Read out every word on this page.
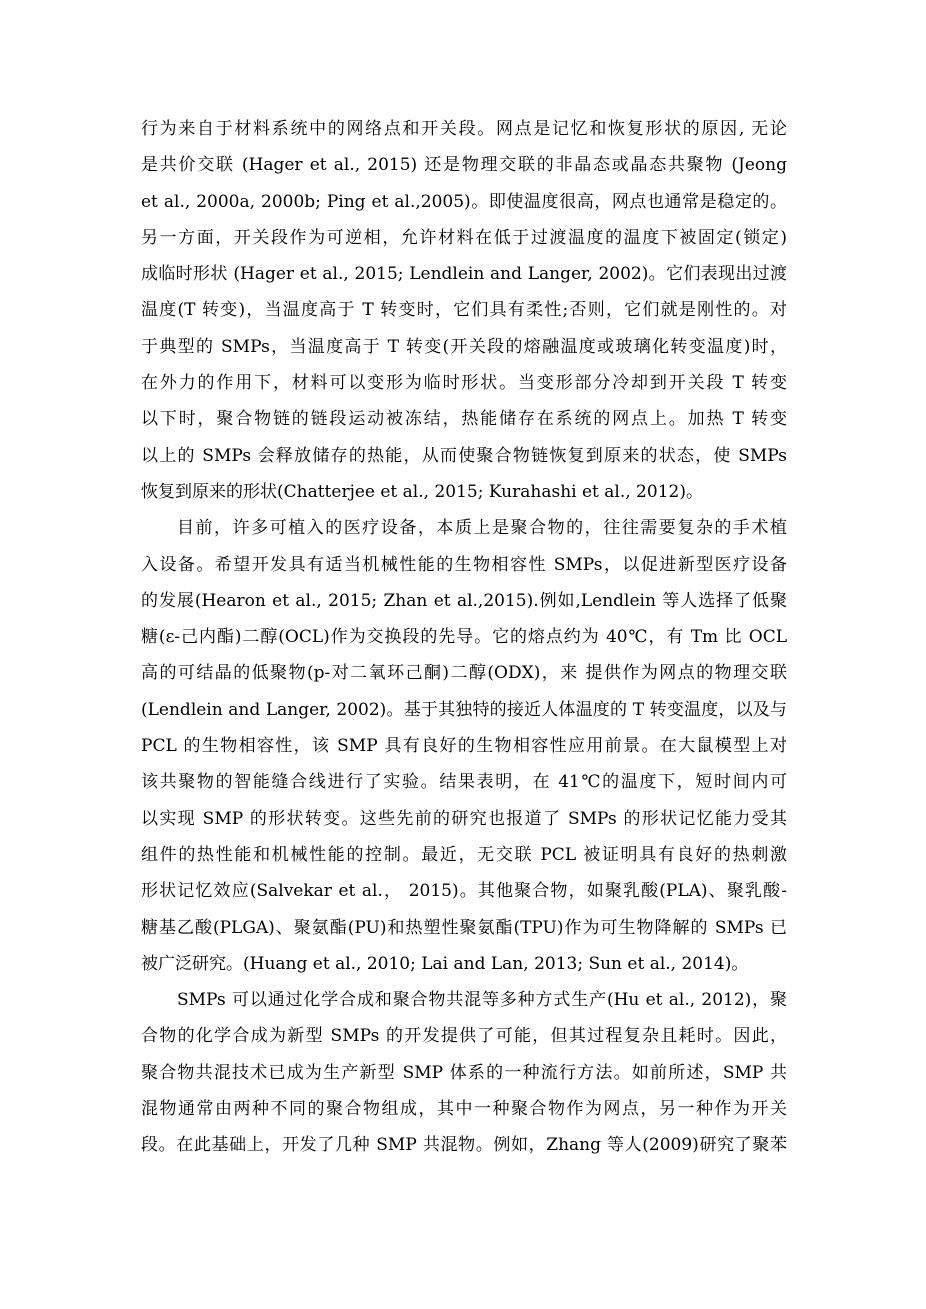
行为来自于材料系统中的网络点和开关段。网点是记忆和恢复形状的原因, 无论
是共价交联 (Hager et al., 2015) 还是物理交联的非晶态或晶态共聚物 (Jeong
et al., 2000a, 2000b; Ping et al.,2005)。即使温度很高，网点也通常是稳定的。
另一方面，开关段作为可逆相，允许材料在低于过渡温度的温度下被固定(锁定)
成临时形状 (Hager et al., 2015; Lendlein and Langer, 2002)。它们表现出过渡
温度(T 转变)，当温度高于 T 转变时，它们具有柔性;否则，它们就是刚性的。对
于典型的 SMPs，当温度高于 T 转变(开关段的熔融温度或玻璃化转变温度)时，
在外力的作用下，材料可以变形为临时形状。当变形部分冷却到开关段 T 转变
以下时，聚合物链的链段运动被冻结，热能储存在系统的网点上。加热 T 转变
以上的 SMPs 会释放储存的热能，从而使聚合物链恢复到原来的状态，使 SMPs
恢复到原来的形状(Chatterjee et al., 2015; Kurahashi et al., 2012)。
目前，许多可植入的医疗设备，本质上是聚合物的，往往需要复杂的手术植
入设备。希望开发具有适当机械性能的生物相容性 SMPs，以促进新型医疗设备
的发展(Hearon et al., 2015; Zhan et al.,2015).例如,Lendlein 等人选择了低聚
糖(ε-己内酯)二醇(OCL)作为交换段的先导。它的熔点约为 40℃，有 Tm 比 OCL
高的可结晶的低聚物(p-对二氧环己酮)二醇(ODX)，来 提供作为网点的物理交联
(Lendlein and Langer, 2002)。基于其独特的接近人体温度的 T 转变温度，以及与
PCL 的生物相容性，该 SMP 具有良好的生物相容性应用前景。在大鼠模型上对
该共聚物的智能缝合线进行了实验。结果表明，在 41℃的温度下，短时间内可
以实现 SMP 的形状转变。这些先前的研究也报道了 SMPs 的形状记忆能力受其
组件的热性能和机械性能的控制。最近，无交联 PCL 被证明具有良好的热刺激
形状记忆效应(Salvekar et al.， 2015)。其他聚合物，如聚乳酸(PLA)、聚乳酸-
糖基乙酸(PLGA)、聚氨酯(PU)和热塑性聚氨酯(TPU)作为可生物降解的 SMPs 已
被广泛研究。(Huang et al., 2010; Lai and Lan, 2013; Sun et al., 2014)。
SMPs 可以通过化学合成和聚合物共混等多种方式生产(Hu et al., 2012)，聚
合物的化学合成为新型 SMPs 的开发提供了可能，但其过程复杂且耗时。因此，
聚合物共混技术已成为生产新型 SMP 体系的一种流行方法。如前所述，SMP 共
混物通常由两种不同的聚合物组成，其中一种聚合物作为网点，另一种作为开关
段。在此基础上，开发了几种 SMP 共混物。例如，Zhang 等人(2009)研究了聚苯
